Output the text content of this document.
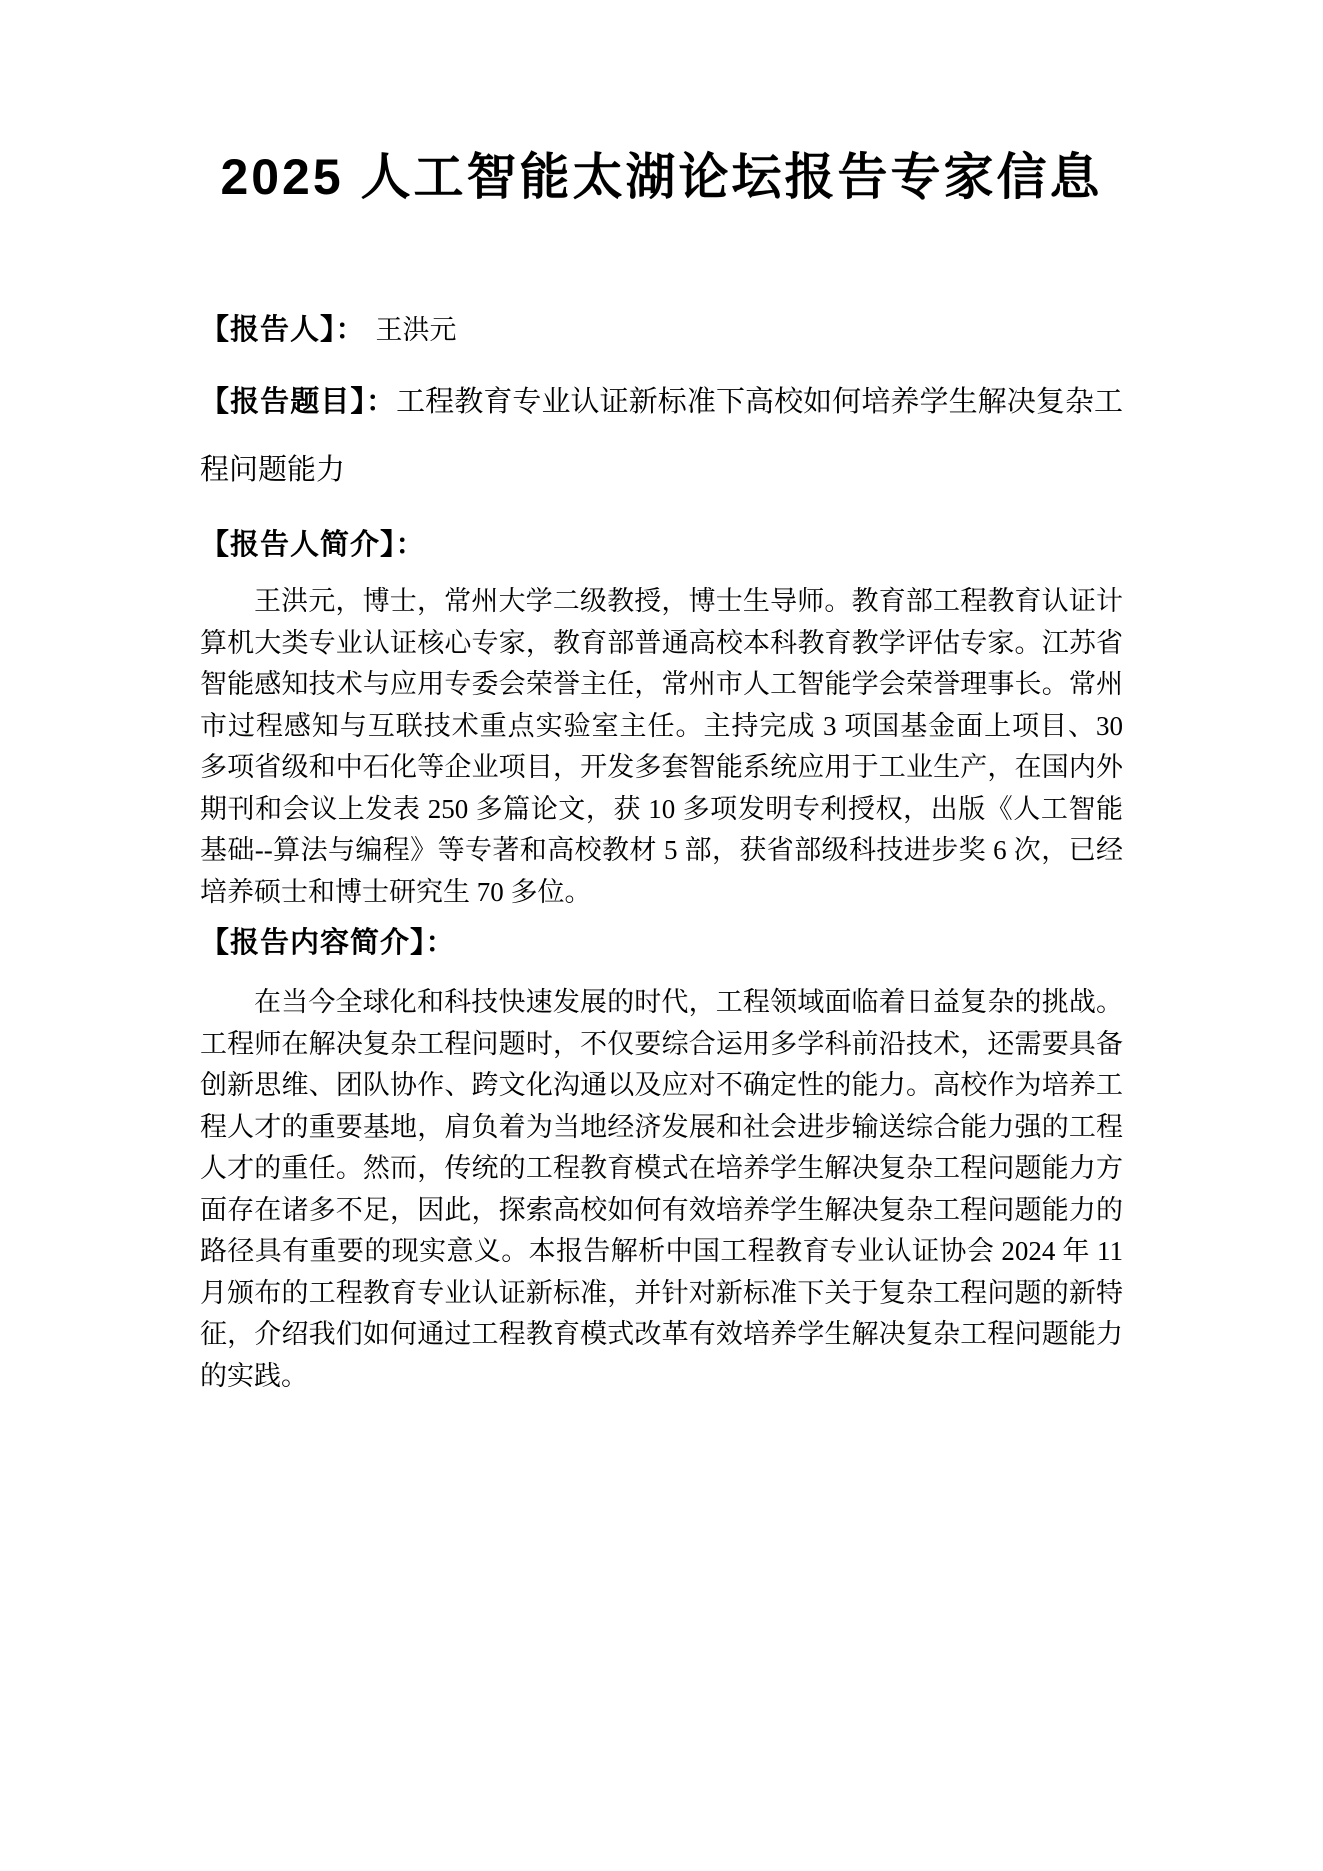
2025 人工智能太湖论坛报告专家信息
【报告人】： 王洪元
【报告题目】：工程教育专业认证新标准下高校如何培养学生解决复杂工程问题能力
【报告人简介】：

王洪元，博士，常州大学二级教授，博士生导师。教育部工程教育认证计算机大类专业认证核心专家，教育部普通高校本科教育教学评估专家。江苏省智能感知技术与应用专委会荣誉主任，常州市人工智能学会荣誉理事长。常州市过程感知与互联技术重点实验室主任。主持完成 3 项国基金面上项目、30 多项省级和中石化等企业项目，开发多套智能系统应用于工业生产，在国内外期刊和会议上发表 250 多篇论文，获 10 多项发明专利授权，出版《人工智能基础--算法与编程》等专著和高校教材 5 部，获省部级科技进步奖 6 次，已经培养硕士和博士研究生 70 多位。

【报告内容简介】：

在当今全球化和科技快速发展的时代，工程领域面临着日益复杂的挑战。工程师在解决复杂工程问题时，不仅要综合运用多学科前沿技术，还需要具备创新思维、团队协作、跨文化沟通以及应对不确定性的能力。高校作为培养工程人才的重要基地，肩负着为当地经济发展和社会进步输送综合能力强的工程人才的重任。然而，传统的工程教育模式在培养学生解决复杂工程问题能力方面存在诸多不足，因此，探索高校如何有效培养学生解决复杂工程问题能力的路径具有重要的现实意义。本报告解析中国工程教育专业认证协会 2024 年 11 月颁布的工程教育专业认证新标准，并针对新标准下关于复杂工程问题的新特征，介绍我们如何通过工程教育模式改革有效培养学生解决复杂工程问题能力的实践。
